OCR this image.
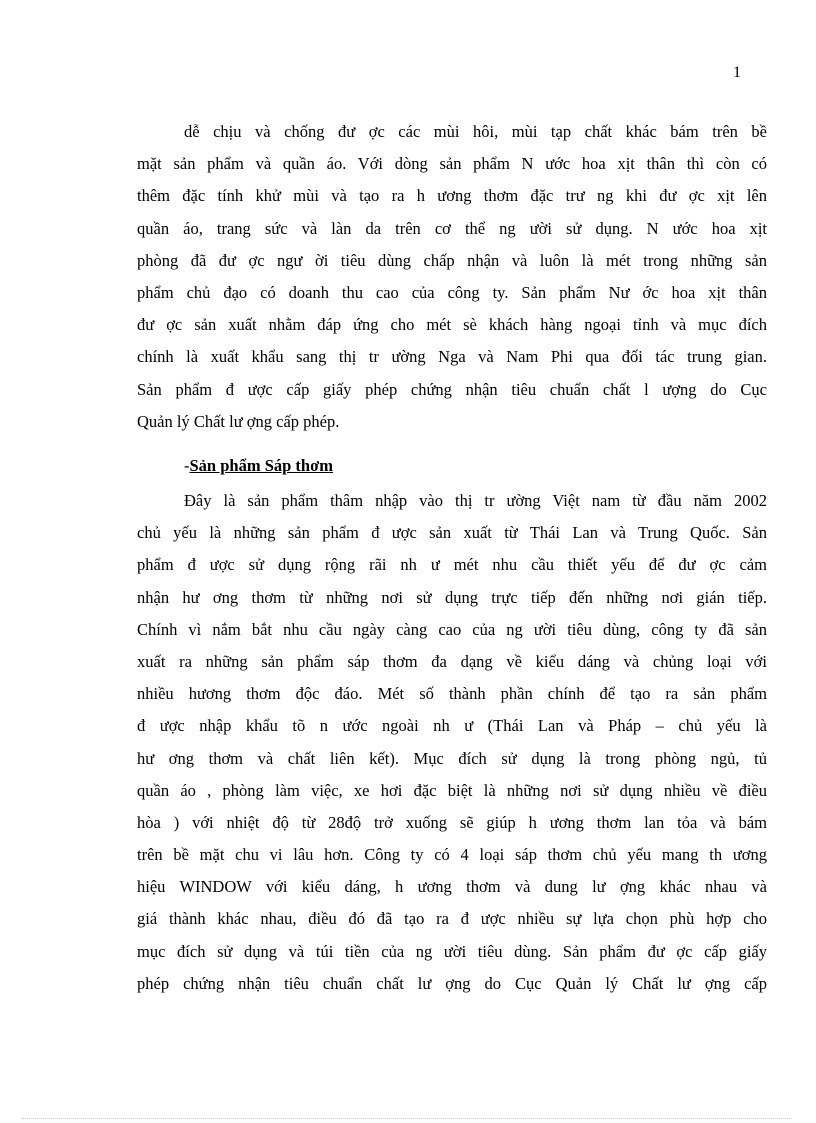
1
dễ chịu và chống đư ợc các mùi hôi, mùi tạp chất khác bám trên bề
mặt sản phẩm và quần áo. Với dòng sản phẩm N ước hoa xịt thân thì còn có
thêm đặc tính khử mùi và tạo ra h ương thơm đặc trư ng khi đư ợc xịt lên
quần áo, trang sức và làn da trên cơ thể ng ười sử dụng. N ước hoa xịt
phòng đã đư ợc ngư ời tiêu dùng chấp nhận và luôn là mét trong những sản
phẩm chủ đạo có doanh thu cao của công ty. Sản phẩm Nư ớc hoa xịt thân
đư ợc sản xuất nhằm đáp ứng cho mét sè khách hàng ngoại tỉnh và mục đích
chính là xuất khẩu sang thị tr ường Nga và Nam Phi qua đối tác trung gian.
Sản phẩm đ ược cấp giấy phép chứng nhận tiêu chuẩn chất l ượng do Cục
Quản lý Chất lư ợng cấp phép.
-Sản phẩm Sáp thơm
Đây là sản phẩm thâm nhập vào thị tr ường Việt nam từ đầu năm 2002
chủ yếu là những sản phẩm đ ược sản xuất từ Thái Lan và Trung Quốc. Sản
phẩm đ ược sử dụng rộng rãi nh ư mét nhu cầu thiết yếu để đư ợc cảm
nhận hư ơng thơm từ những nơi sử dụng trực tiếp đến những nơi gián tiếp.
Chính vì nắm bắt nhu cầu ngày càng cao của ng ười tiêu dùng, công ty đã sản
xuất ra những sản phẩm sáp thơm đa dạng về kiểu dáng và chủng loại với
nhiều hương thơm độc đáo. Mét số thành phần chính để tạo ra sản phẩm
đ ược nhập khẩu tõ n ước ngoài nh ư (Thái Lan và Pháp – chủ yếu là
hư ơng thơm và chất liên kết). Mục đích sử dụng là trong phòng ngủ, tủ
quần áo , phòng làm việc, xe hơi đặc biệt là những nơi sử dụng nhiều về điều
hòa ) với nhiệt độ từ 28độ trở xuống sẽ giúp h ương thơm lan tỏa và bám
trên bề mặt chu vi lâu hơn. Công ty có 4 loại sáp thơm chủ yếu mang th ương
hiệu WINDOW với kiểu dáng, h ương thơm và dung lư ợng khác nhau và
giá thành khác nhau, điều đó đã tạo ra đ ược nhiều sự lựa chọn phù hợp cho
mục đích sử dụng và túi tiền của ng ười tiêu dùng. Sản phẩm đư ợc cấp giấy
phép chứng nhận tiêu chuẩn chất lư ợng do Cục Quản lý Chất lư ợng cấp
